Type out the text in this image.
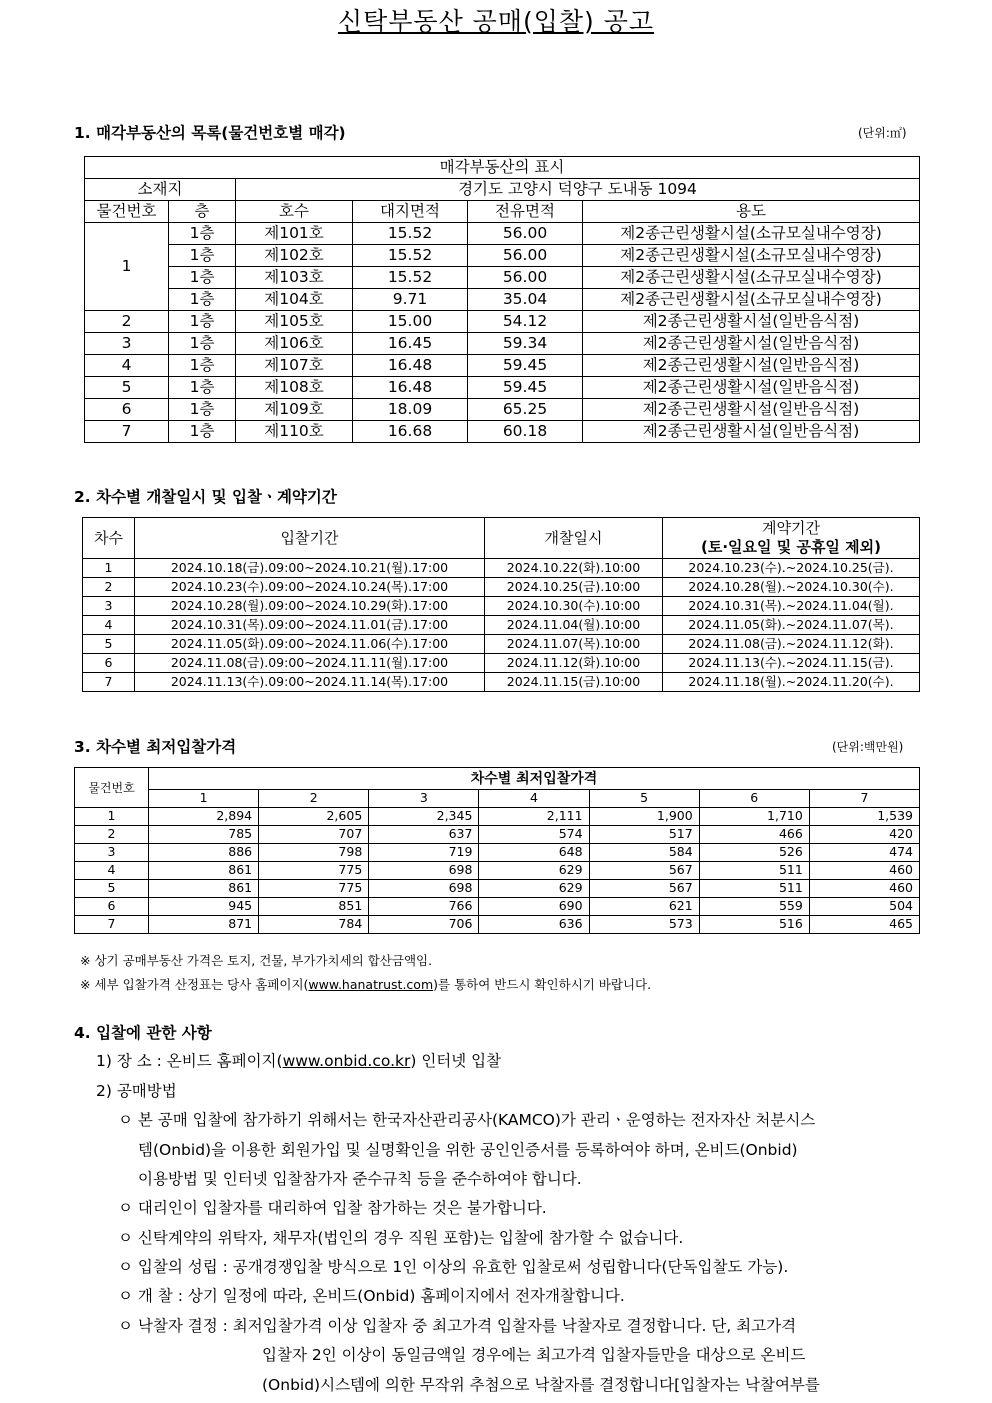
신탁부동산 공매(입찰) 공고
1. 매각부동산의 목록(물건번호별 매각)	(단위:㎡)
매각부동산의 표시					
소재지		경기도 고양시 덕양구 도내동 1094			
물건번호	층	호수	대지면적	전유면적	용도
1	1층	제101호	15.52	56.00	제2종근린생활시설(소규모실내수영장)
	1층	제102호	15.52	56.00	제2종근린생활시설(소규모실내수영장)
	1층	제103호	15.52	56.00	제2종근린생활시설(소규모실내수영장)
	1층	제104호	9.71	35.04	제2종근린생활시설(소규모실내수영장)
2	1층	제105호	15.00	54.12	제2종근린생활시설(일반음식점)
3	1층	제106호	16.45	59.34	제2종근린생활시설(일반음식점)
4	1층	제107호	16.48	59.45	제2종근린생활시설(일반음식점)
5	1층	제108호	16.48	59.45	제2종근린생활시설(일반음식점)
6	1층	제109호	18.09	65.25	제2종근린생활시설(일반음식점)
7	1층	제110호	16.68	60.18	제2종근린생활시설(일반음식점)
2. 차수별 개찰일시 및 입찰ㆍ계약기간
차수	입찰기간	개찰일시	계약기간
(토·일요일 및 공휴일 제외)

1	2024.10.18(금).09:00~2024.10.21(월).17:00	2024.10.22(화).10:00	2024.10.23(수).~2024.10.25(금).
2	2024.10.23(수).09:00~2024.10.24(목).17:00	2024.10.25(금).10:00	2024.10.28(월).~2024.10.30(수).
3	2024.10.28(월).09:00~2024.10.29(화).17:00	2024.10.30(수).10:00	2024.10.31(목).~2024.11.04(월).
4	2024.10.31(목).09:00~2024.11.01(금).17:00	2024.11.04(월).10:00	2024.11.05(화).~2024.11.07(목).
5	2024.11.05(화).09:00~2024.11.06(수).17:00	2024.11.07(목).10:00	2024.11.08(금).~2024.11.12(화).
6	2024.11.08(금).09:00~2024.11.11(월).17:00	2024.11.12(화).10:00	2024.11.13(수).~2024.11.15(금).
7	2024.11.13(수).09:00~2024.11.14(목).17:00	2024.11.15(금).10:00	2024.11.18(월).~2024.11.20(수).
3. 차수별 최저입찰가격	(단위:백만원)
물건번호	차수별 최저입찰가격						
	1	2	3	4	5	6	7
1	2,894	2,605	2,345	2,111	1,900	1,710	1,539
2	785	707	637	574	517	466	420
3	886	798	719	648	584	526	474
4	861	775	698	629	567	511	460
5	861	775	698	629	567	511	460
6	945	851	766	690	621	559	504
7	871	784	706	636	573	516	465
※ 상기 공매부동산 가격은 토지, 건물, 부가가치세의 합산금액임.
※ 세부 입찰가격 산정표는 당사 홈페이지(www.hanatrust.com)를 통하여 반드시 확인하시기 바랍니다.
4. 입찰에 관한 사항
1) 장 소 : 온비드 홈페이지(www.onbid.co.kr) 인터넷 입찰
2) 공매방법
ㅇ 본 공매 입찰에 참가하기 위해서는 한국자산관리공사(KAMCO)가 관리ㆍ운영하는 전자자산 처분시스
템(Onbid)을 이용한 회원가입 및 실명확인을 위한 공인인증서를 등록하여야 하며, 온비드(Onbid)
이용방법 및 인터넷 입찰참가자 준수규칙 등을 준수하여야 합니다.
ㅇ 대리인이 입찰자를 대리하여 입찰 참가하는 것은 불가합니다.
ㅇ 신탁계약의 위탁자, 채무자(법인의 경우 직원 포함)는 입찰에 참가할 수 없습니다.
ㅇ 입찰의 성립 : 공개경쟁입찰 방식으로 1인 이상의 유효한 입찰로써 성립합니다(단독입찰도 가능).
ㅇ 개 찰 : 상기 일정에 따라, 온비드(Onbid) 홈페이지에서 전자개찰합니다.
ㅇ 낙찰자 결정 : 최저입찰가격 이상 입찰자 중 최고가격 입찰자를 낙찰자로 결정합니다. 단, 최고가격
입찰자 2인 이상이 동일금액일 경우에는 최고가격 입찰자들만을 대상으로 온비드
(Onbid)시스템에 의한 무작위 추첨으로 낙찰자를 결정합니다[입찰자는 낙찰여부를
